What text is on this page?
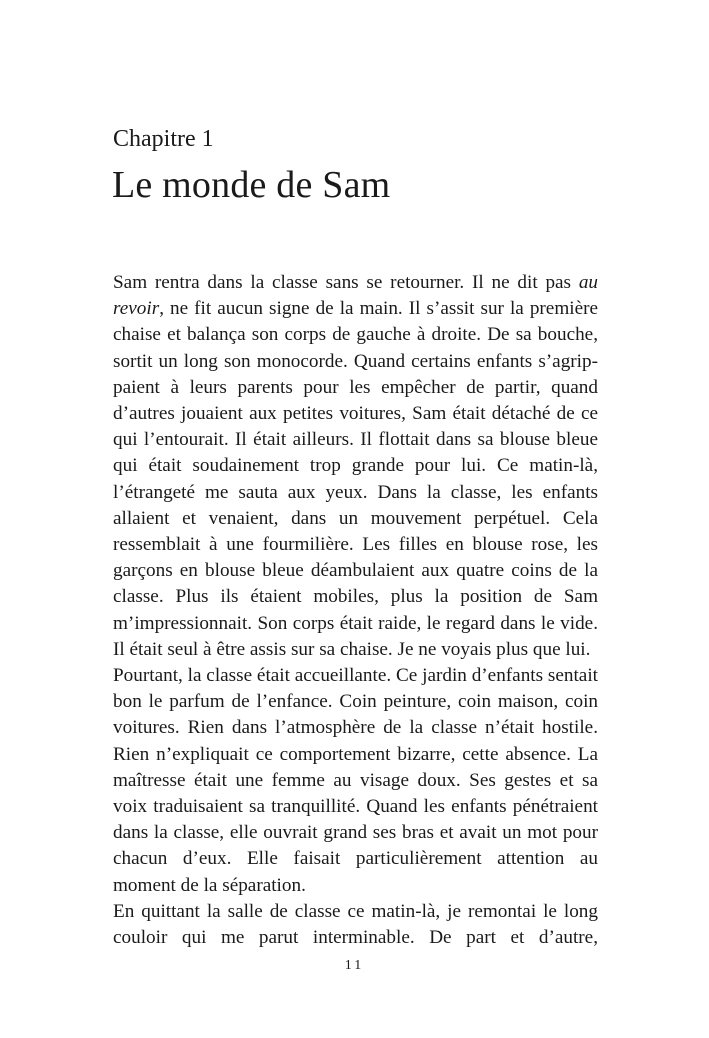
Chapitre 1
Le monde de Sam

Sam rentra dans la classe sans se retourner. Il ne dit pas au revoir, ne fit aucun signe de la main. Il s’assit sur la première chaise et balança son corps de gauche à droite. De sa bouche, sortit un long son monocorde. Quand certains enfants s’agrippaient à leurs parents pour les empêcher de partir, quand d’autres jouaient aux petites voitures, Sam était détaché de ce qui l’entourait. Il était ailleurs. Il flottait dans sa blouse bleue qui était soudainement trop grande pour lui. Ce matin-là, l’étrangeté me sauta aux yeux. Dans la classe, les enfants allaient et venaient, dans un mouvement perpétuel. Cela ressemblait à une fourmilière. Les filles en blouse rose, les garçons en blouse bleue déambulaient aux quatre coins de la classe. Plus ils étaient mobiles, plus la position de Sam m’impressionnait. Son corps était raide, le regard dans le vide. Il était seul à être assis sur sa chaise. Je ne voyais plus que lui.

Pourtant, la classe était accueillante. Ce jardin d’enfants sentait bon le parfum de l’enfance. Coin peinture, coin maison, coin voitures. Rien dans l’atmosphère de la classe n’était hostile. Rien n’expliquait ce comportement bizarre, cette absence. La maîtresse était une femme au visage doux. Ses gestes et sa voix traduisaient sa tranquillité. Quand les enfants pénétraient dans la classe, elle ouvrait grand ses bras et avait un mot pour chacun d’eux. Elle faisait particulièrement attention au moment de la séparation.

En quittant la salle de classe ce matin-là, je remontai le long couloir qui me parut interminable. De part et d’autre,

11
